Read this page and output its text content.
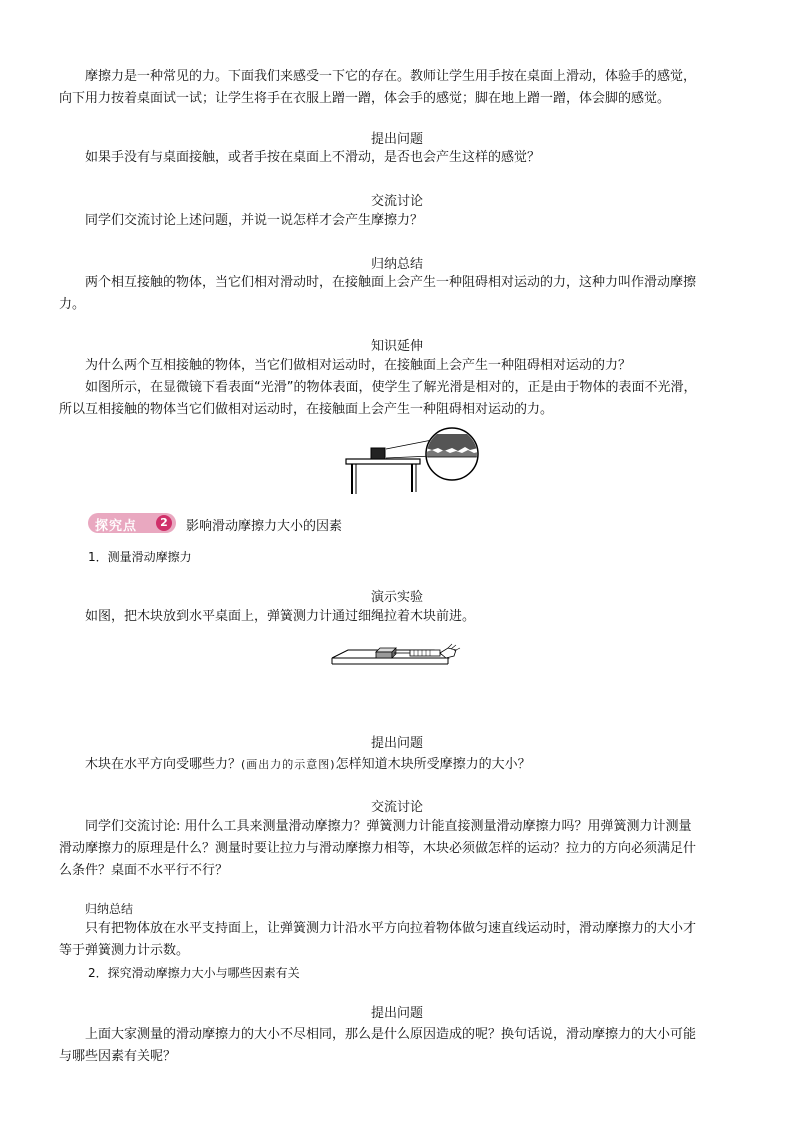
摩擦力是一种常见的力。下面我们来感受一下它的存在。教师让学生用手按在桌面上滑动，体验手的感觉，
向下用力按着桌面试一试；让学生将手在衣服上蹭一蹭，体会手的感觉；脚在地上蹭一蹭，体会脚的感觉。

提出问题

如果手没有与桌面接触，或者手按在桌面上不滑动，是否也会产生这样的感觉？

交流讨论

同学们交流讨论上述问题，并说一说怎样才会产生摩擦力？

归纳总结

两个相互接触的物体，当它们相对滑动时，在接触面上会产生一种阻碍相对运动的力，这种力叫作滑动摩擦
力。

知识延伸

为什么两个互相接触的物体，当它们做相对运动时，在接触面上会产生一种阻碍相对运动的力？

如图所示，在显微镜下看表面“光滑”的物体表面，使学生了解光滑是相对的，正是由于物体的表面不光滑，
所以互相接触的物体当它们做相对运动时，在接触面上会产生一种阻碍相对运动的力。

探究点	2	影响滑动摩擦力大小的因素

1．测量滑动摩擦力

演示实验

如图，把木块放到水平桌面上，弹簧测力计通过细绳拉着木块前进。

提出问题

木块在水平方向受哪些力？(画出力的示意图)怎样知道木块所受摩擦力的大小？

交流讨论

同学们交流讨论: 用什么工具来测量滑动摩擦力？弹簧测力计能直接测量滑动摩擦力吗？用弹簧测力计测量
滑动摩擦力的原理是什么？测量时要让拉力与滑动摩擦力相等，木块必须做怎样的运动？拉力的方向必须满足什
么条件？桌面不水平行不行？

归纳总结

只有把物体放在水平支持面上，让弹簧测力计沿水平方向拉着物体做匀速直线运动时，滑动摩擦力的大小才
等于弹簧测力计示数。

2．探究滑动摩擦力大小与哪些因素有关

提出问题

上面大家测量的滑动摩擦力的大小不尽相同，那么是什么原因造成的呢？换句话说，滑动摩擦力的大小可能
与哪些因素有关呢？
